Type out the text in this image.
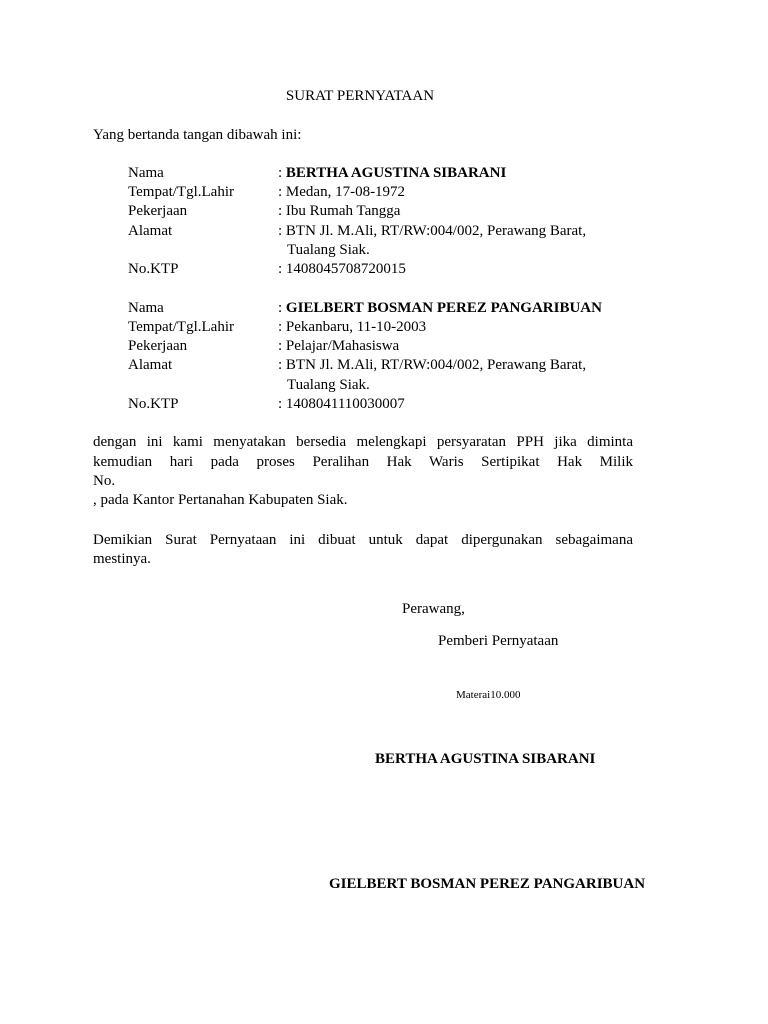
SURAT PERNYATAAN
Yang bertanda tangan dibawah ini:
Nama	: BERTHA AGUSTINA SIBARANI
Tempat/Tgl.Lahir	: Medan, 17-08-1972
Pekerjaan	: Ibu Rumah Tangga
Alamat	: BTN Jl. M.Ali, RT/RW:004/002, Perawang Barat,
Tualang Siak.
No.KTP	: 1408045708720015
Nama	: GIELBERT BOSMAN PEREZ PANGARIBUAN
Tempat/Tgl.Lahir	: Pekanbaru, 11-10-2003
Pekerjaan	: Pelajar/Mahasiswa
Alamat	: BTN Jl. M.Ali, RT/RW:004/002, Perawang Barat,
Tualang Siak.
No.KTP	: 1408041110030007
dengan ini kami menyatakan bersedia melengkapi persyaratan PPH jika diminta
kemudian hari pada proses Peralihan Hak Waris Sertipikat Hak Milik
No.
, pada Kantor Pertanahan Kabupaten Siak.
Demikian Surat Pernyataan ini dibuat untuk dapat dipergunakan sebagaimana
mestinya.
Perawang,
Pemberi Pernyataan
Materai10.000
BERTHA AGUSTINA SIBARANI
GIELBERT BOSMAN PEREZ PANGARIBUAN
